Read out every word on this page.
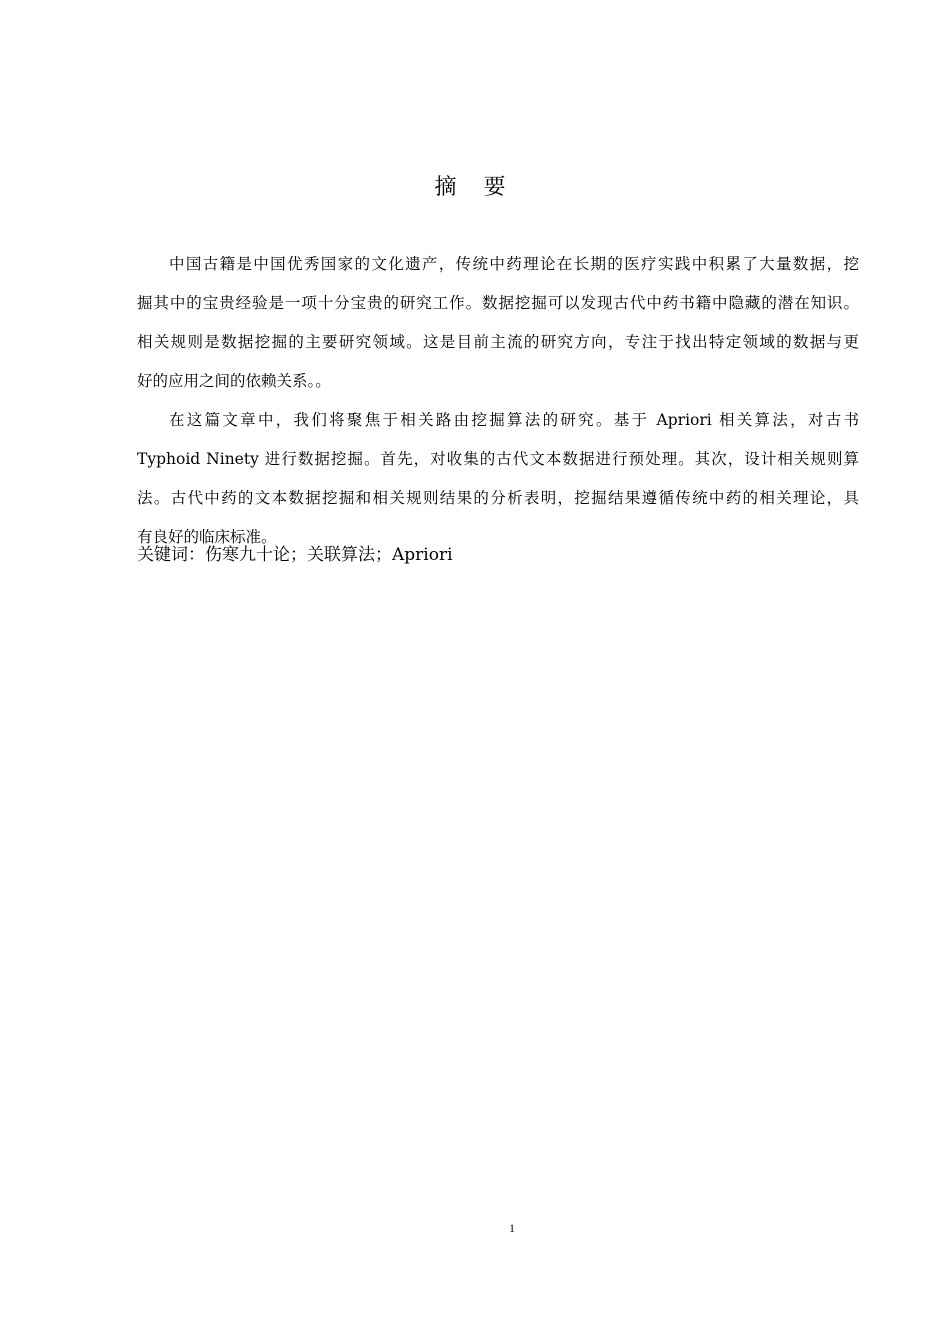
摘 要
中国古籍是中国优秀国家的文化遗产，传统中药理论在长期的医疗实践中积累了大量数据，挖
掘其中的宝贵经验是一项十分宝贵的研究工作。数据挖掘可以发现古代中药书籍中隐藏的潜在知识。
相关规则是数据挖掘的主要研究领域。这是目前主流的研究方向，专注于找出特定领域的数据与更
好的应用之间的依赖关系。。
在这篇文章中，我们将聚焦于相关路由挖掘算法的研究。基于 Apriori 相关算法，对古书
Typhoid Ninety 进行数据挖掘。首先，对收集的古代文本数据进行预处理。其次，设计相关规则算
法。古代中药的文本数据挖掘和相关规则结果的分析表明，挖掘结果遵循传统中药的相关理论，具
有良好的临床标准。
关键词：伤寒九十论；关联算法；Apriori
1
